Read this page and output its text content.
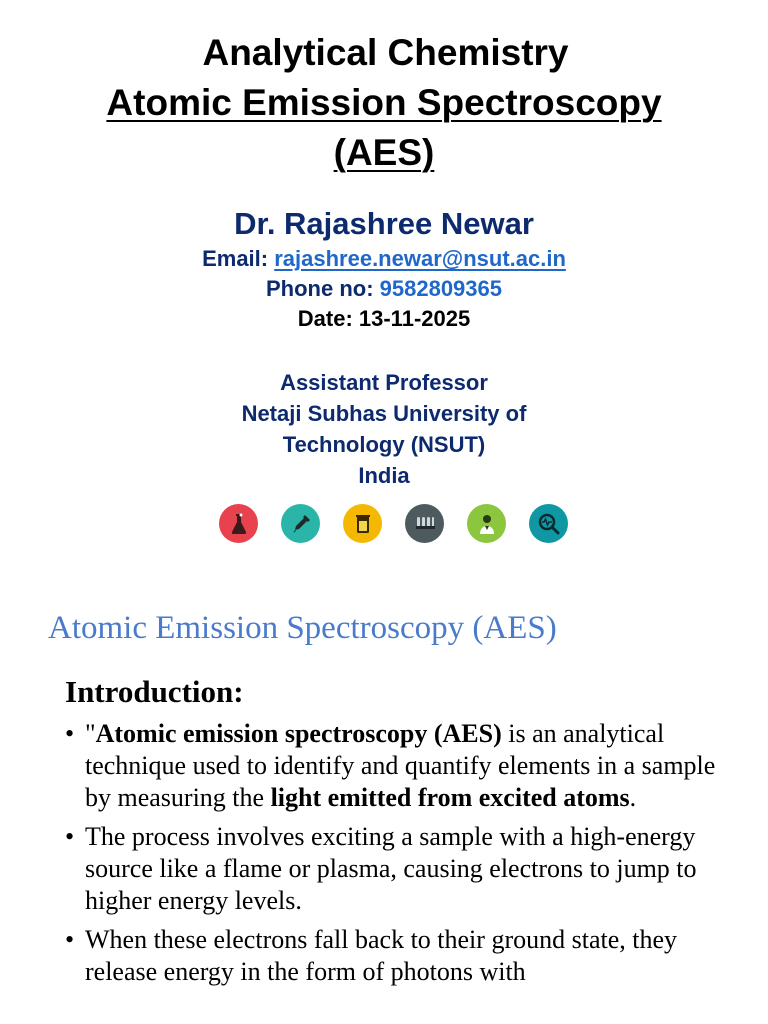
Analytical Chemistry
Atomic Emission Spectroscopy
(AES)
Dr. Rajashree Newar
Email: rajashree.newar@nsut.ac.in
Phone no: 9582809365
Date: 13-11-2025
Assistant Professor
Netaji Subhas University of
Technology (NSUT)
India
Atomic Emission Spectroscopy (AES)
Introduction:
• "Atomic emission spectroscopy (AES) is an analytical technique used to identify and quantify elements in a sample by measuring the light emitted from excited atoms.
• The process involves exciting a sample with a high-energy source like a flame or plasma, causing electrons to jump to higher energy levels.
• When these electrons fall back to their ground state, they release energy in the form of photons with
